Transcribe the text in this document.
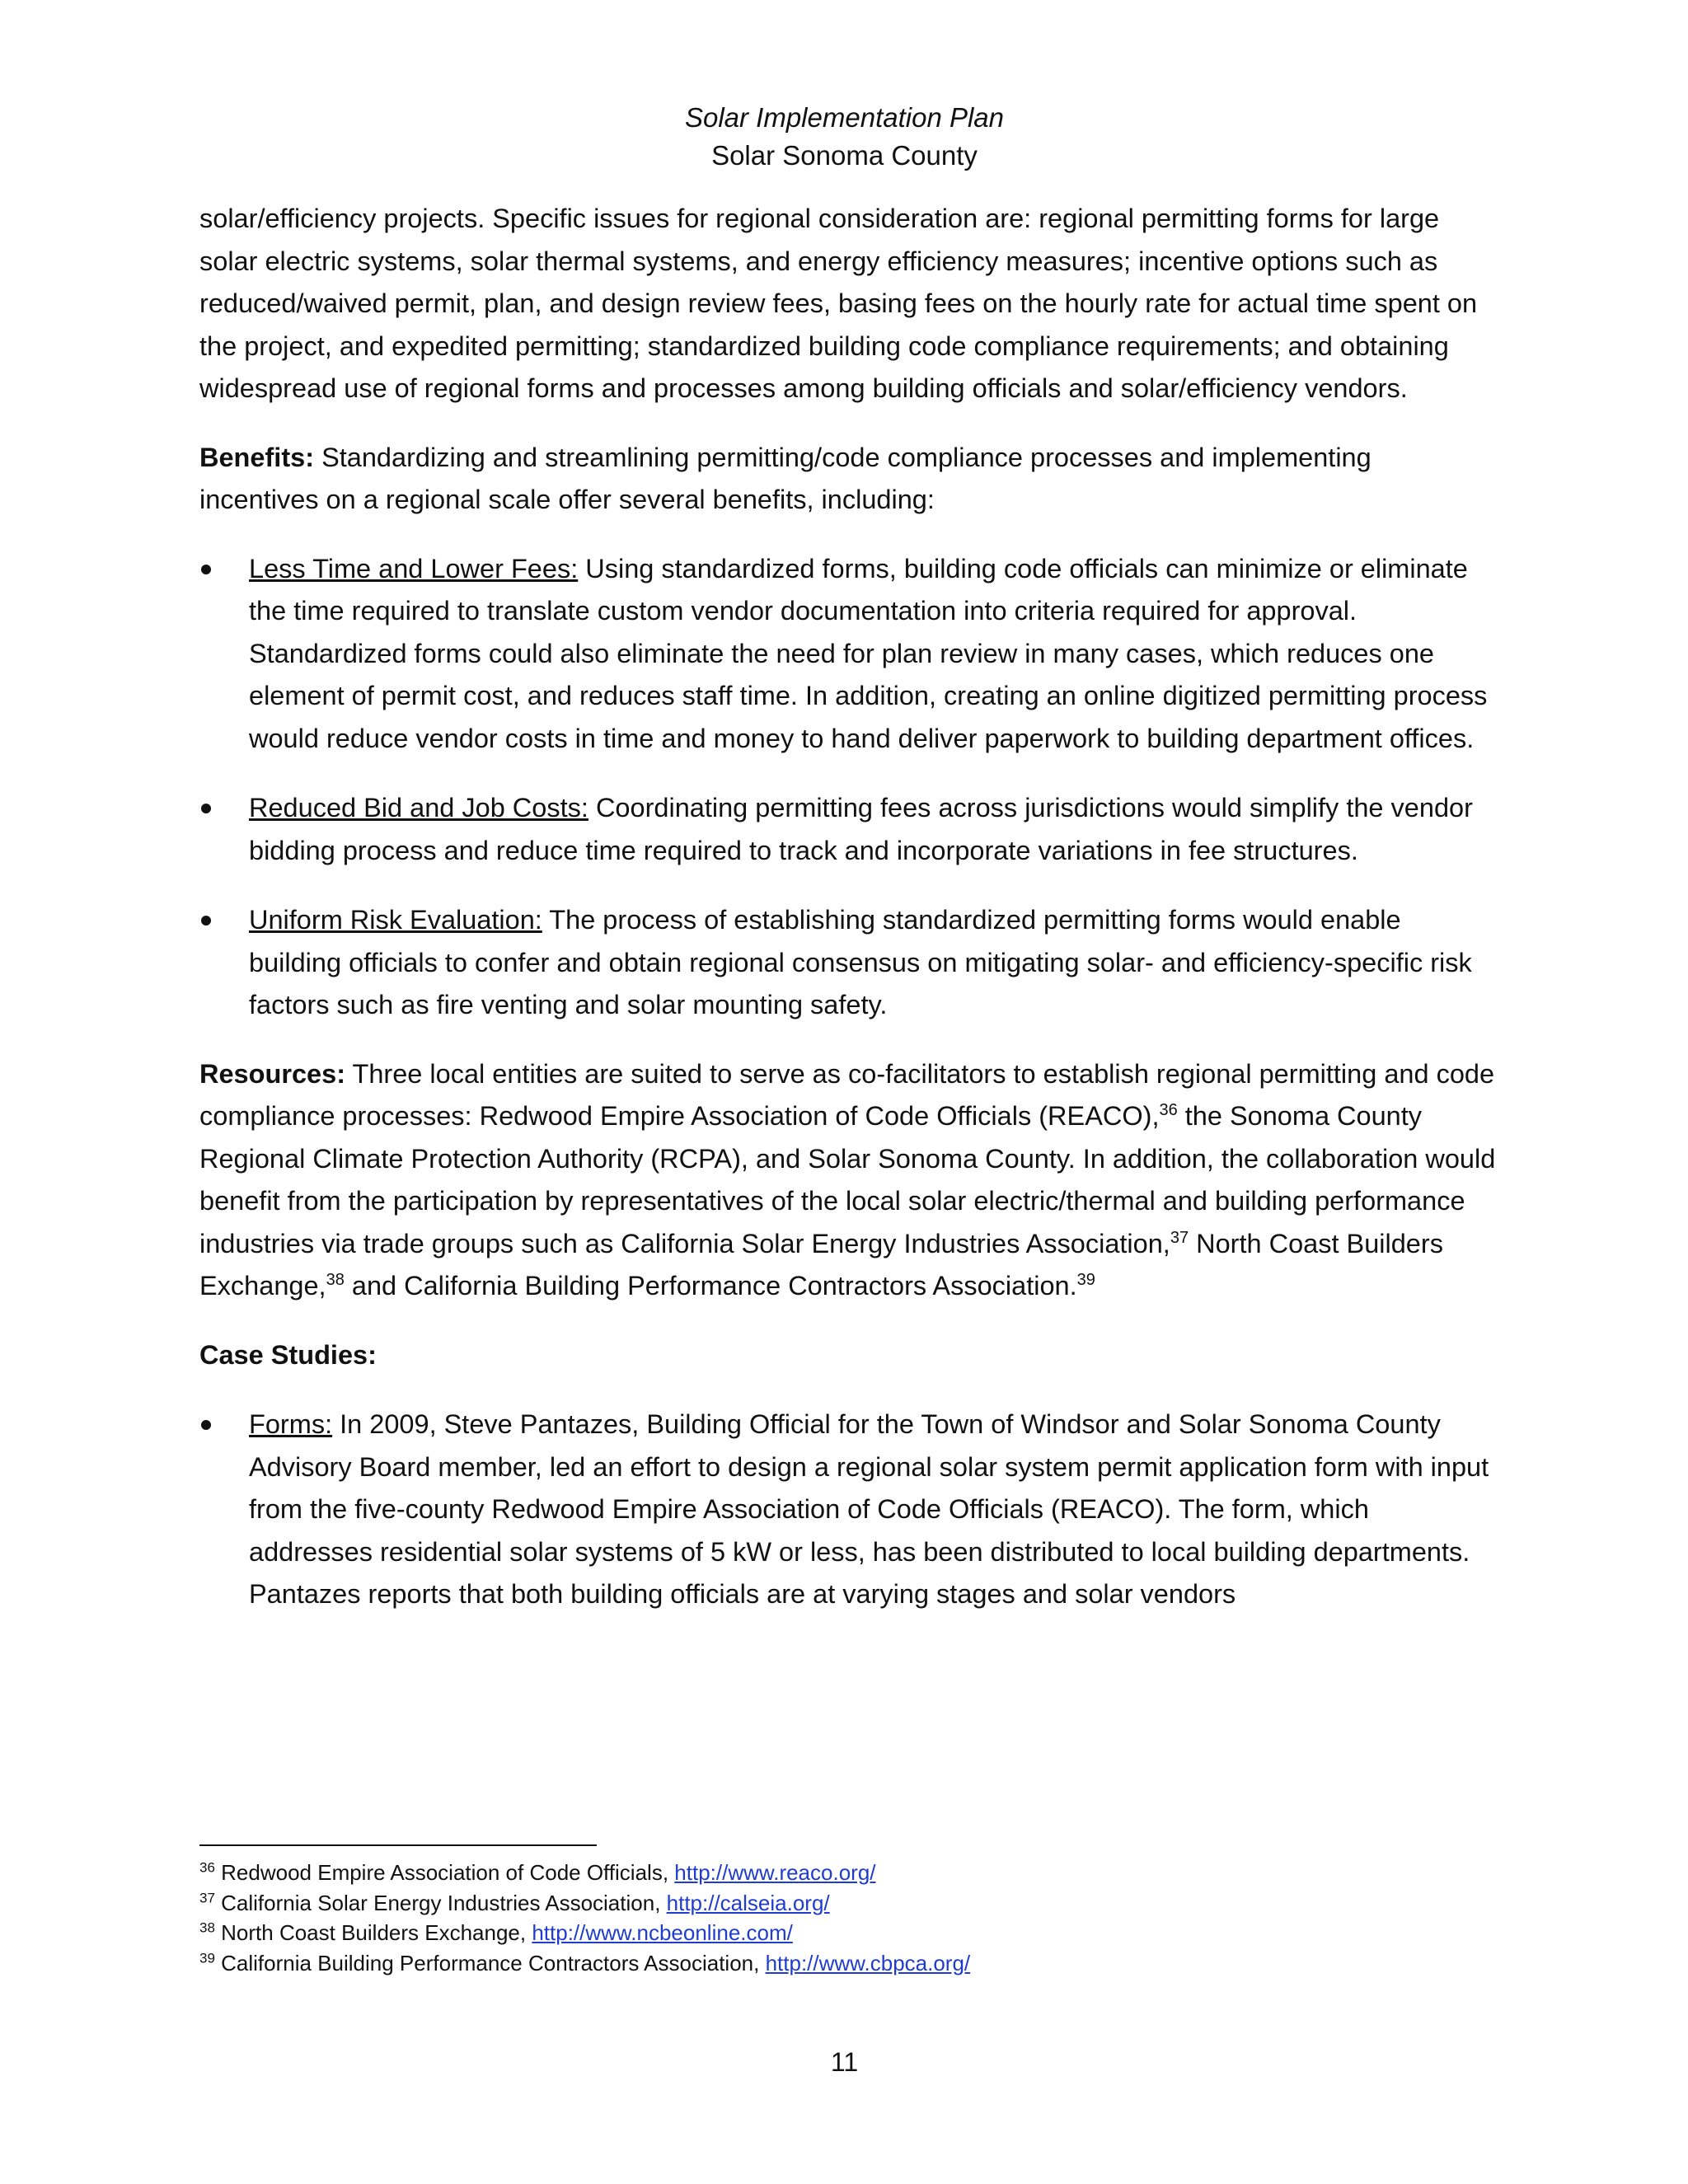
Solar Implementation Plan
Solar Sonoma County

solar/efficiency projects. Specific issues for regional consideration are: regional permitting forms for large solar electric systems, solar thermal systems, and energy efficiency measures; incentive options such as reduced/waived permit, plan, and design review fees, basing fees on the hourly rate for actual time spent on the project, and expedited permitting; standardized building code compliance requirements; and obtaining widespread use of regional forms and processes among building officials and solar/efficiency vendors.

Benefits: Standardizing and streamlining permitting/code compliance processes and implementing incentives on a regional scale offer several benefits, including:

Less Time and Lower Fees: Using standardized forms, building code officials can minimize or eliminate the time required to translate custom vendor documentation into criteria required for approval. Standardized forms could also eliminate the need for plan review in many cases, which reduces one element of permit cost, and reduces staff time. In addition, creating an online digitized permitting process would reduce vendor costs in time and money to hand deliver paperwork to building department offices.
Reduced Bid and Job Costs: Coordinating permitting fees across jurisdictions would simplify the vendor bidding process and reduce time required to track and incorporate variations in fee structures.
Uniform Risk Evaluation: The process of establishing standardized permitting forms would enable building officials to confer and obtain regional consensus on mitigating solar- and efficiency-specific risk factors such as fire venting and solar mounting safety.

Resources: Three local entities are suited to serve as co-facilitators to establish regional permitting and code compliance processes: Redwood Empire Association of Code Officials (REACO),$^{36}$ the Sonoma County Regional Climate Protection Authority (RCPA), and Solar Sonoma County. In addition, the collaboration would benefit from the participation by representatives of the local solar electric/thermal and building performance industries via trade groups such as California Solar Energy Industries Association,$^{37}$ North Coast Builders Exchange,$^{38}$ and California Building Performance Contractors Association.$^{39}$

Case Studies:

Forms: In 2009, Steve Pantazes, Building Official for the Town of Windsor and Solar Sonoma County Advisory Board member, led an effort to design a regional solar system permit application form with input from the five-county Redwood Empire Association of Code Officials (REACO). The form, which addresses residential solar systems of 5 kW or less, has been distributed to local building departments. Pantazes reports that both building officials are at varying stages and solar vendors
$^{36}$ Redwood Empire Association of Code Officials, http://www.reaco.org/
$^{37}$ California Solar Energy Industries Association, http://calseia.org/
$^{38}$ North Coast Builders Exchange, http://www.ncbeonline.com/
$^{39}$ California Building Performance Contractors Association, http://www.cbpca.org/
11
